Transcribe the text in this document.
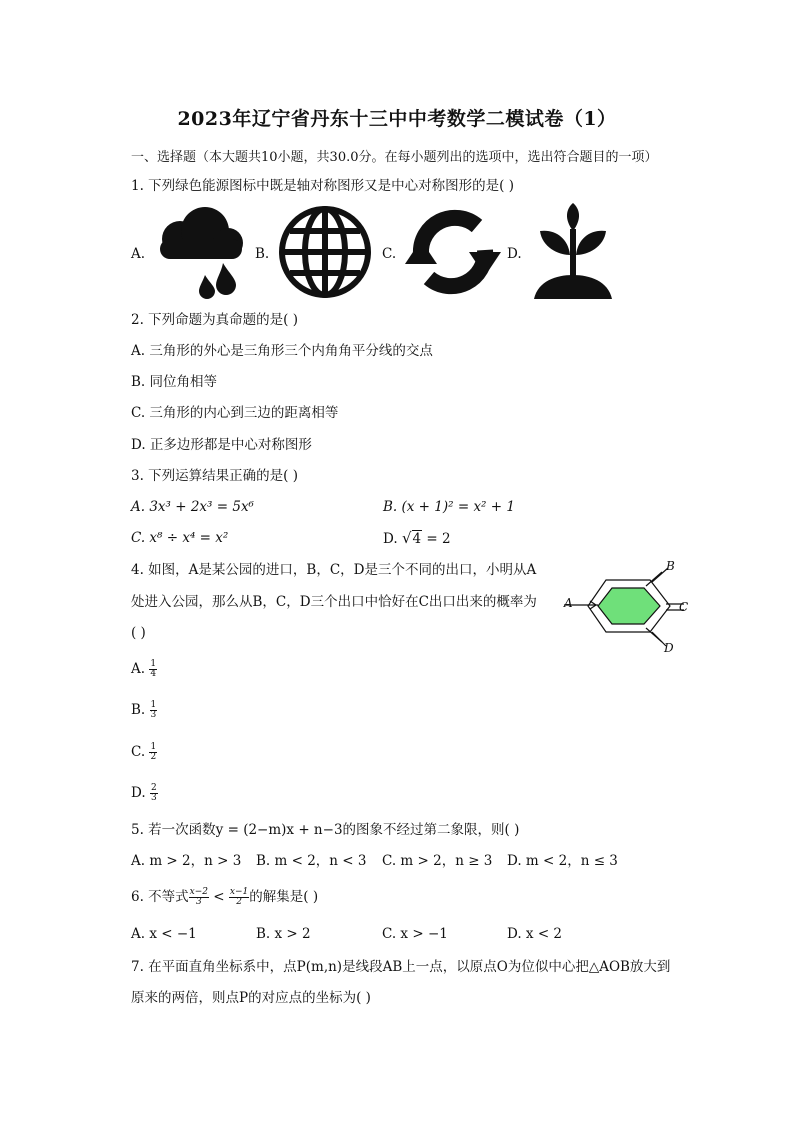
2023年辽宁省丹东十三中中考数学二模试卷（1）
一、选择题（本大题共10小题，共30.0分。在每小题列出的选项中，选出符合题目的一项）
1. 下列绿色能源图标中既是轴对称图形又是中心对称图形的是( )
A.	B.	C.	D.
2. 下列命题为真命题的是( )
A. 三角形的外心是三角形三个内角角平分线的交点
B. 同位角相等
C. 三角形的内心到三边的距离相等
D. 正多边形都是中心对称图形
3. 下列运算结果正确的是( )
A. 3x³ + 2x³ = 5x⁶	B. (x + 1)² = x² + 1
C. x⁸ ÷ x⁴ = x²	D. √4 = 2
4. 如图，A是某公园的进口，B，C，D是三个不同的出口，小明从A
处进入公园，那么从B，C，D三个出口中恰好在C出口出来的概率为
( )
B
A	C
D
A. $\frac{1}{4}$
B. $\frac{1}{3}$
C. $\frac{1}{2}$
D. $\frac{2}{3}$
5. 若一次函数y = (2−m)x + n−3的图象不经过第二象限，则( )
A. m > 2，n > 3 B. m < 2，n < 3 C. m > 2，n ≥ 3 D. m < 2，n ≤ 3
6. 不等式 $\frac{x-2}{3} < \frac{x-1}{2}$ 的解集是( )
A. x < −1	B. x > 2	C. x > −1	D. x < 2
7. 在平面直角坐标系中，点P(m,n)是线段AB上一点，以原点O为位似中心把△AOB放大到
原来的两倍，则点P的对应点的坐标为( )
